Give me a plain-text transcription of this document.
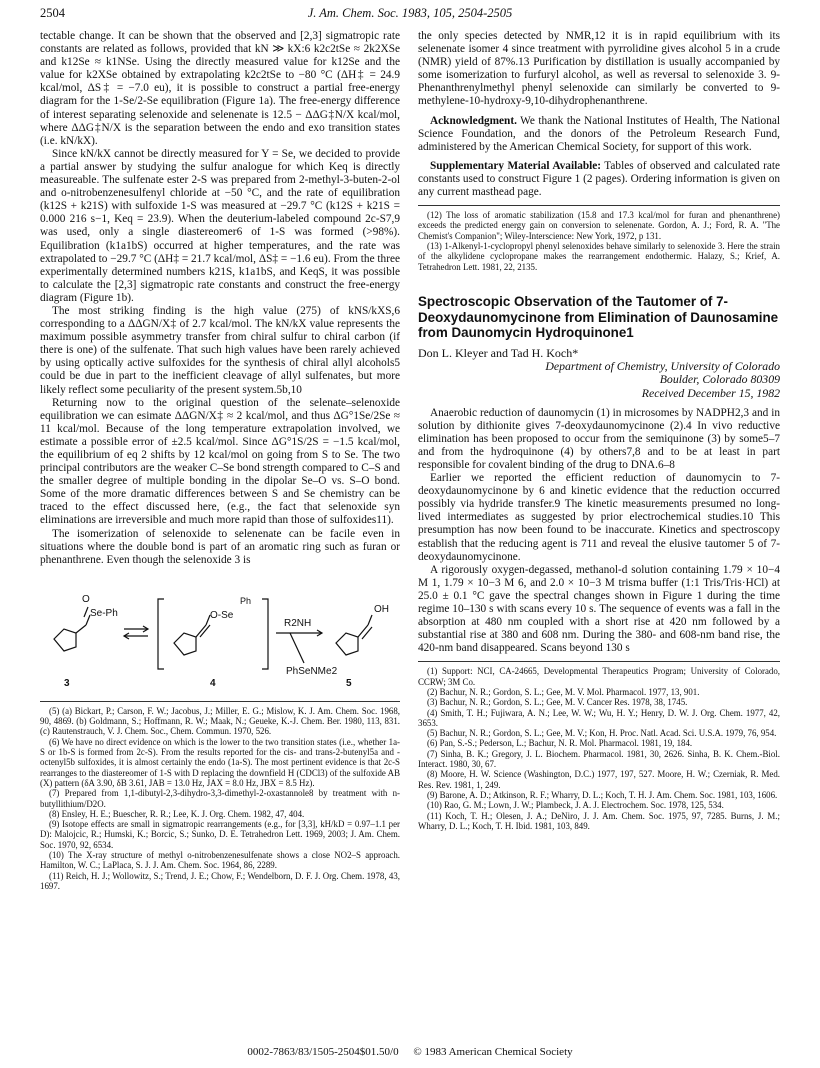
2504	J. Am. Chem. Soc. 1983, 105, 2504-2505

tectable change. It can be shown that the observed and [2,3] sigmatropic rate constants are related as follows, provided that kN ≫ kX:6 k2c2tSe ≈ 2k2XSe and k12Se ≈ k1NSe. Using the directly measured value for k12Se and the value for k2XSe obtained by extrapolating k2c2tSe to −80 °C (ΔH‡ = 24.9 kcal/mol, ΔS‡ = −7.0 eu), it is possible to construct a partial free-energy diagram for the 1-Se/2-Se equilibration (Figure 1a). The free-energy difference of interest separating selenoxide and selenenate is 12.5 − ΔΔG‡N/X kcal/mol, where ΔΔG‡N/X is the separation between the endo and exo transition states (i.e. kN/kX).

Since kN/kX cannot be directly measured for Y = Se, we decided to provide a partial answer by studying the sulfur analogue for which Keq is directly measureable. The sulfenate ester 2-S was prepared from 2-methyl-3-buten-2-ol and o-nitrobenzenesulfenyl chloride at −50 °C, and the rate of equilibration (k12S + k21S) with sulfoxide 1-S was measured at −29.7 °C (k12S + k21S = 0.000 216 s−1, Keq = 23.9). When the deuterium-labeled compound 2c-S7,9 was used, only a single diastereomer6 of 1-S was formed (>98%). Equilibration (k1a1bS) occurred at higher temperatures, and the rate was extrapolated to −29.7 °C (ΔH‡ = 21.7 kcal/mol, ΔS‡ = −1.6 eu). From the three experimentally determined numbers k21S, k1a1bS, and KeqS, it was possible to calculate the [2,3] sigmatropic rate constants and construct the free-energy diagram (Figure 1b).

The most striking finding is the high value (275) of kNS/kXS,6 corresponding to a ΔΔGN/X‡ of 2.7 kcal/mol. The kN/kX value represents the maximum possible asymmetry transfer from chiral sulfur to chiral carbon (if there is one) of the sulfenate. That such high values have been rarely achieved by using optically active sulfoxides for the synthesis of chiral allyl alcohols5 could be due in part to the inefficient cleavage of allyl sulfenates, but more likely reflect some peculiarity of the present system.5b,10

Returning now to the original question of the selenate–selenoxide equilibration we can esimate ΔΔGN/X‡ ≈ 2 kcal/mol, and thus ΔG°1Se/2Se ≈ 11 kcal/mol. Because of the long temperature extrapolation involved, we estimate a possible error of ±2.5 kcal/mol. Since ΔG°1S/2S = −1.5 kcal/mol, the equilibrium of eq 2 shifts by 12 kcal/mol on going from S to Se. The two principal contributors are the weaker C–Se bond strength compared to C–S and the smaller degree of multiple bonding in the dipolar Se–O vs. S–O bond. Some of the more dramatic differences between S and Se chemistry can be traced to the effect discussed here, (e.g., the fact that selenoxide syn eliminations are irreversible and much more rapid than those of sulfoxides11).

The isomerization of selenoxide to selenenate can be facile even in situations where the double bond is part of an aromatic ring such as furan or phenanthrene. Even though the selenoxide 3 is

O
Se-Ph	O-Se
Ph
R2NH
PhSeNMe2
OH
3	4	5

(5) (a) Bickart, P.; Carson, F. W.; Jacobus, J.; Miller, E. G.; Mislow, K. J. Am. Chem. Soc. 1968, 90, 4869. (b) Goldmann, S.; Hoffmann, R. W.; Maak, N.; Geueke, K.-J. Chem. Ber. 1980, 113, 831. (c) Rautenstrauch, V. J. Chem. Soc., Chem. Commun. 1970, 526.

(6) We have no direct evidence on which is the lower to the two transition states (i.e., whether 1a-S or 1b-S is formed from 2c-S). From the results reported for the cis- and trans-2-butenyl5a and -octenyl5b sulfoxides, it is almost certainly the endo (1a-S). The most pertinent evidence is that 2c-S rearranges to the diastereomer of 1-S with D replacing the downfield H (CDCl3) of the sulfoxide AB (X) pattern (δA 3.90, δB 3.61, JAB = 13.0 Hz, JAX = 8.0 Hz, JBX = 8.5 Hz).

(7) Prepared from 1,1-dibutyl-2,3-dihydro-3,3-dimethyl-2-oxastannole8 by treatment with n-butyllithium/D2O.

(8) Ensley, H. E.; Buescher, R. R.; Lee, K. J. Org. Chem. 1982, 47, 404.

(9) Isotope effects are small in sigmatropic rearrangements (e.g., for [3,3], kH/kD = 0.97–1.1 per D): Malojcic, R.; Humski, K.; Borcic, S.; Sunko, D. E. Tetrahedron Lett. 1969, 2003; J. Am. Chem. Soc. 1970, 92, 6534.

(10) The X-ray structure of methyl o-nitrobenzenesulfenate shows a close NO2–S approach. Hamilton, W. C.; LaPlaca, S. J. J. Am. Chem. Soc. 1964, 86, 2289.

(11) Reich, H. J.; Wollowitz, S.; Trend, J. E.; Chow, F.; Wendelborn, D. F. J. Org. Chem. 1978, 43, 1697.

the only species detected by NMR,12 it is in rapid equilibrium with its selenenate isomer 4 since treatment with pyrrolidine gives alcohol 5 in a crude (NMR) yield of 87%.13 Purification by distillation is usually accompanied by some isomerization to furfuryl alcohol, as well as reversal to selenoxide 3. 9-Phenanthrenylmethyl phenyl selenoxide can similarly be converted to 9-methylene-10-hydroxy-9,10-dihydrophenanthrene.

Acknowledgment. We thank the National Institutes of Health, The National Science Foundation, and the donors of the Petroleum Research Fund, administered by the American Chemical Society, for support of this work.

Supplementary Material Available: Tables of observed and calculated rate constants used to construct Figure 1 (2 pages). Ordering information is given on any current masthead page.

(12) The loss of aromatic stabilization (15.8 and 17.3 kcal/mol for furan and phenanthrene) exceeds the predicted energy gain on conversion to selenenate. Gordon, A. J.; Ford, R. A. "The Chemist's Companion"; Wiley-Interscience: New York, 1972, p 131.

(13) 1-Alkenyl-1-cyclopropyl phenyl selenoxides behave similarly to selenoxide 3. Here the strain of the alkylidene cyclopropane makes the rearrangement endothermic. Halazy, S.; Krief, A. Tetrahedron Lett. 1981, 22, 2135.

Spectroscopic Observation of the Tautomer of 7-Deoxydaunomycinone from Elimination of Daunosamine from Daunomycin Hydroquinone1
Don L. Kleyer and Tad H. Koch*
Department of Chemistry, University of Colorado
Boulder, Colorado 80309
Received December 15, 1982

Anaerobic reduction of daunomycin (1) in microsomes by NADPH2,3 and in solution by dithionite gives 7-deoxydaunomycinone (2).4 In vivo reductive elimination has been proposed to occur from the semiquinone (3) by some5–7 and from the hydroquinone (4) by others7,8 and to be at least in part responsible for covalent binding of the drug to DNA.6–8

Earlier we reported the efficient reduction of daunomycin to 7-deoxydaunomycinone by 6 and kinetic evidence that the reduction occurred possibly via hydride transfer.9 The kinetic measurements presumed no long-lived intermediates as suggested by prior electrochemical studies.10 This presumption has now been found to be inaccurate. Kinetics and spectroscopy establish that the reducing agent is 711 and reveal the elusive tautomer 5 of 7-deoxydaunomycinone.

A rigorously oxygen-degassed, methanol-d solution containing 1.79 × 10−4 M 1, 1.79 × 10−3 M 6, and 2.0 × 10−3 M trisma buffer (1:1 Tris/Tris·HCl) at 25.0 ± 0.1 °C gave the spectral changes shown in Figure 1 during the time regime 10–130 s with scans every 10 s. The sequence of events was a fall in the absorption at 480 nm coupled with a short rise at 420 nm followed by a substantial rise at 380 and 608 nm. During the 380- and 608-nm band rise, the 420-nm band disappeared. Scans beyond 130 s

(1) Support: NCI, CA-24665, Developmental Therapeutics Program; University of Colorado, CCRW; 3M Co.

(2) Bachur, N. R.; Gordon, S. L.; Gee, M. V. Mol. Pharmacol. 1977, 13, 901.

(3) Bachur, N. R.; Gordon, S. L.; Gee, M. V. Cancer Res. 1978, 38, 1745.

(4) Smith, T. H.; Fujiwara, A. N.; Lee, W. W.; Wu, H. Y.; Henry, D. W. J. Org. Chem. 1977, 42, 3653.

(5) Bachur, N. R.; Gordon, S. L.; Gee, M. V.; Kon, H. Proc. Natl. Acad. Sci. U.S.A. 1979, 76, 954.

(6) Pan, S.-S.; Pederson, L.; Bachur, N. R. Mol. Pharmacol. 1981, 19, 184.

(7) Sinha, B. K.; Gregory, J. L. Biochem. Pharmacol. 1981, 30, 2626. Sinha, B. K. Chem.-Biol. Interact. 1980, 30, 67.

(8) Moore, H. W. Science (Washington, D.C.) 1977, 197, 527. Moore, H. W.; Czerniak, R. Med. Res. Rev. 1981, 1, 249.

(9) Barone, A. D.; Atkinson, R. F.; Wharry, D. L.; Koch, T. H. J. Am. Chem. Soc. 1981, 103, 1606.

(10) Rao, G. M.; Lown, J. W.; Plambeck, J. A. J. Electrochem. Soc. 1978, 125, 534.

(11) Koch, T. H.; Olesen, J. A.; DeNiro, J. J. Am. Chem. Soc. 1975, 97, 7285. Burns, J. M.; Wharry, D. L.; Koch, T. H. Ibid. 1981, 103, 849.

0002-7863/83/1505-2504$01.50/0 © 1983 American Chemical Society
